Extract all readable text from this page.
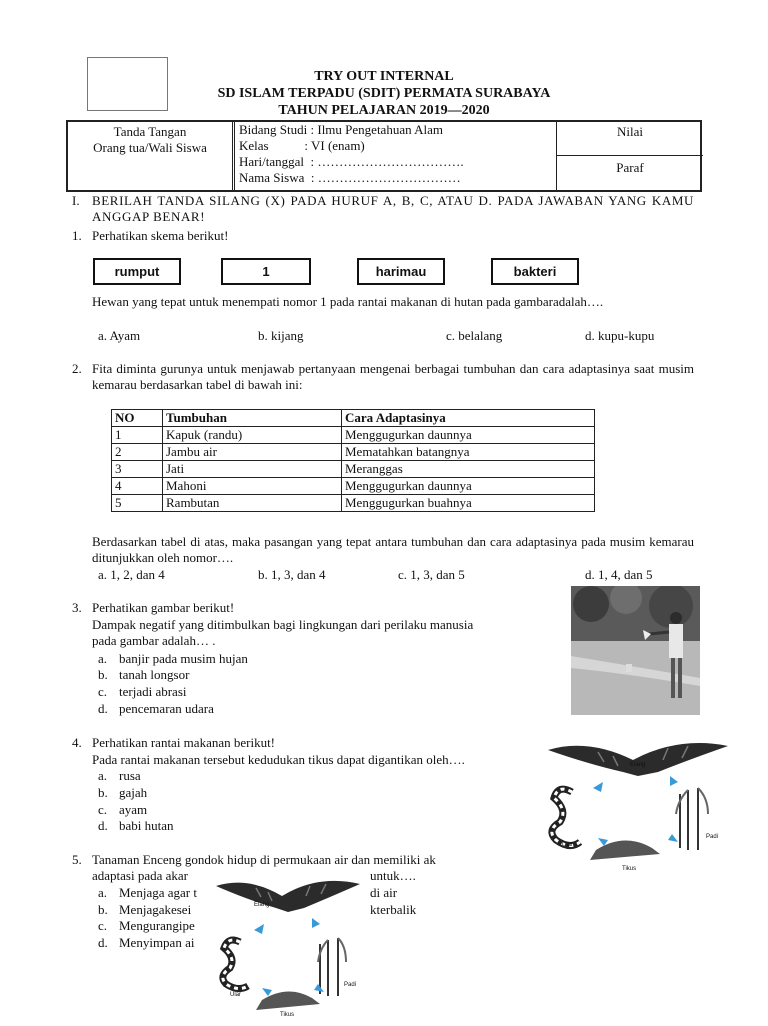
TRY OUT INTERNAL
SD ISLAM TERPADU (SDIT) PERMATA SURABAYA
TAHUN PELAJARAN 2019—2020
Tanda Tangan
Orang tua/Wali Siswa
Bidang Studi : Ilmu Pengetahuan Alam
Kelas           : VI (enam)
Hari/tanggal  : …………………………….
Nama Siswa  : ……………………………
Nilai
Paraf
I. BERILAH TANDA SILANG (X) PADA HURUF A, B, C, ATAU D. PADA JAWABAN YANG KAMU ANGGAP BENAR!
1. Perhatikan skema berikut!
rumput	1	harimau	bakteri
Hewan yang tepat untuk menempati nomor 1 pada rantai makanan di hutan pada gambaradalah….
a. Ayam	b. kijang	c. belalang	d. kupu-kupu
2. Fita diminta gurunya untuk menjawab pertanyaan mengenai berbagai tumbuhan dan cara adaptasinya saat musim kemarau berdasarkan tabel di bawah ini:
NO	Tumbuhan	Cara Adaptasinya
1	Kapuk (randu)	Menggugurkan daunnya
2	Jambu air	Mematahkan batangnya
3	Jati	Meranggas
4	Mahoni	Menggugurkan daunnya
5	Rambutan	Menggugurkan buahnya
Berdasarkan tabel di atas, maka pasangan yang tepat antara tumbuhan dan cara adaptasinya pada musim kemarau ditunjukkan oleh nomor….
a. 1, 2, dan 4	b. 1, 3, dan 4	c. 1, 3, dan 5	d. 1, 4, dan 5
3. Perhatikan gambar berikut!
Dampak negatif yang ditimbulkan bagi lingkungan dari perilaku manusia
pada gambar adalah… .
a. banjir pada musim hujan
b. tanah longsor
c. terjadi abrasi
d. pencemaran udara
4. Perhatikan rantai makanan berikut!
Pada rantai makanan tersebut kedudukan tikus dapat digantikan oleh….
a. rusa
b. gajah
c. ayam
d. babi hutan
Elang
Ular
Padi
Tikus
5. Tanaman Enceng gondok hidup di permukaan air dan memiliki ak
adaptasi pada akar	untuk….
a. Menjaga agar t	di air
b. Menjagakesei	kterbalik
c. Mengurangipe
d. Menyimpan ai
Elang
Ular
Padi
Tikus
